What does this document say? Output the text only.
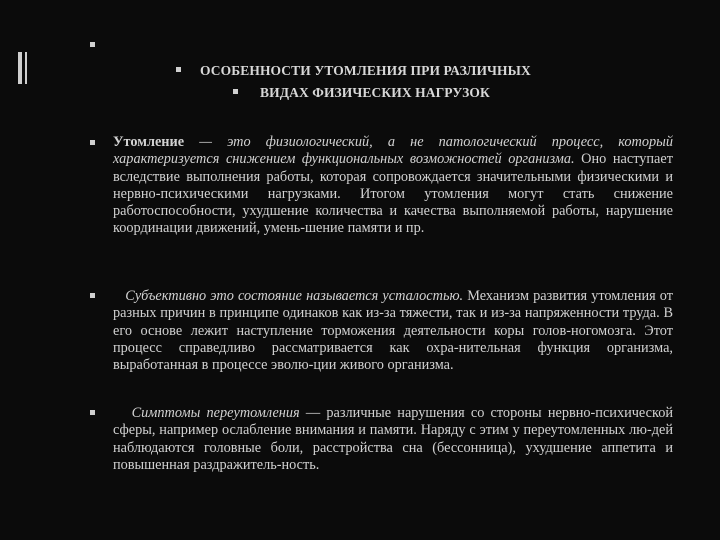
ОСОБЕННОСТИ УТОМЛЕНИЯ ПРИ РАЗЛИЧНЫХ
ВИДАХ ФИЗИЧЕСКИХ НАГРУЗОК
Утомление — это физиологический, а не патологический процесс, который характеризуется снижением функциональных возможностей организма. Оно наступает вследствие выполнения работы, которая сопровождается значительными физическими и нервно-психическими нагрузками. Итогом утомления могут стать снижение работоспособности, ухудшение количества и качества выполняемой работы, нарушение координации движений, умень-шение памяти и пр.
Субъективно это состояние называется усталостью. Механизм развития утомления от разных причин в принципе одинаков как из-за тяжести, так и из-за напряженности труда. В его основе лежит наступление торможения деятельности коры голов-ногомозга. Этот процесс справедливо рассматривается как охра-нительная функция организма, выработанная в процессе эволю-ции живого организма.
Симптомы переутомления — различные нарушения со стороны нервно-психической сферы, например ослабление внимания и памяти. Наряду с этим у переутомленных лю-дей наблюдаются головные боли, расстройства сна (бессонница), ухудшение аппетита и повышенная раздражитель-ность.
